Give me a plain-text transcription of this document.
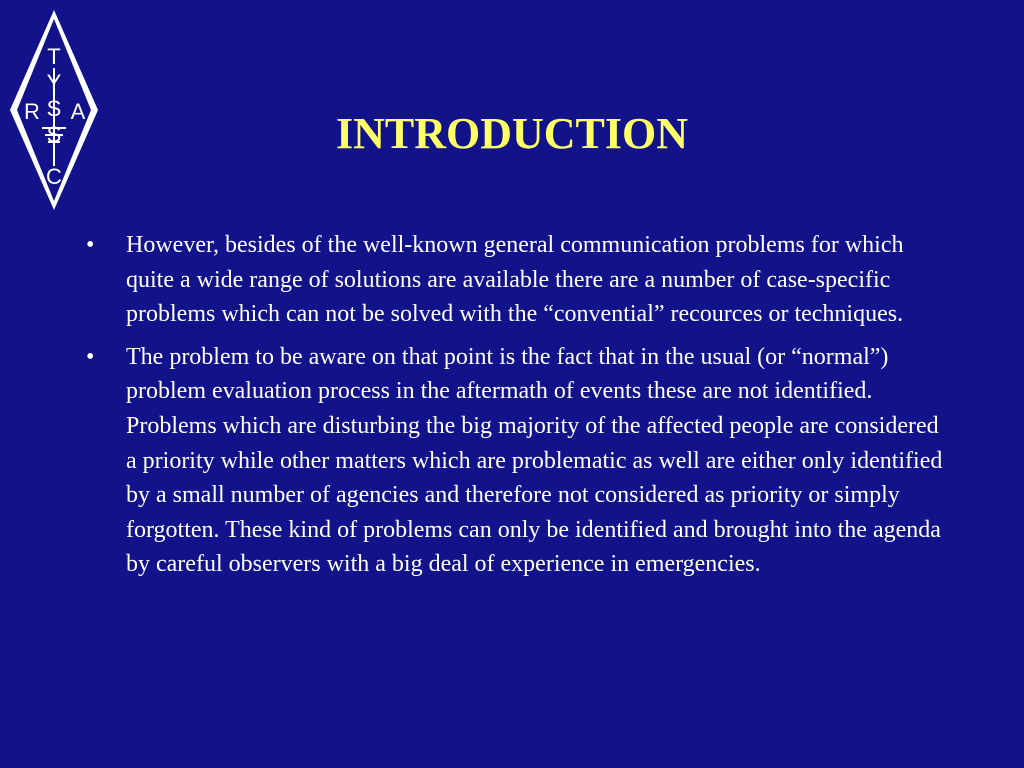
T
Y
S
S
C
R A	INTRODUCTION
• However, besides of the well-known general communication problems for which quite a wide range of solutions are available there are a number of case-specific problems which can not be solved with the “convential” recources or techniques.
• The problem to be aware on that point is the fact that in the usual (or “normal”) problem evaluation process in the aftermath of events these are not identified. Problems which are disturbing the big majority of the affected people are considered a priority while other matters which are problematic as well are either only identified by a small number of agencies and therefore not considered as priority or simply forgotten. These kind of problems can only be identified and brought into the agenda by careful observers with a big deal of experience in emergencies.
